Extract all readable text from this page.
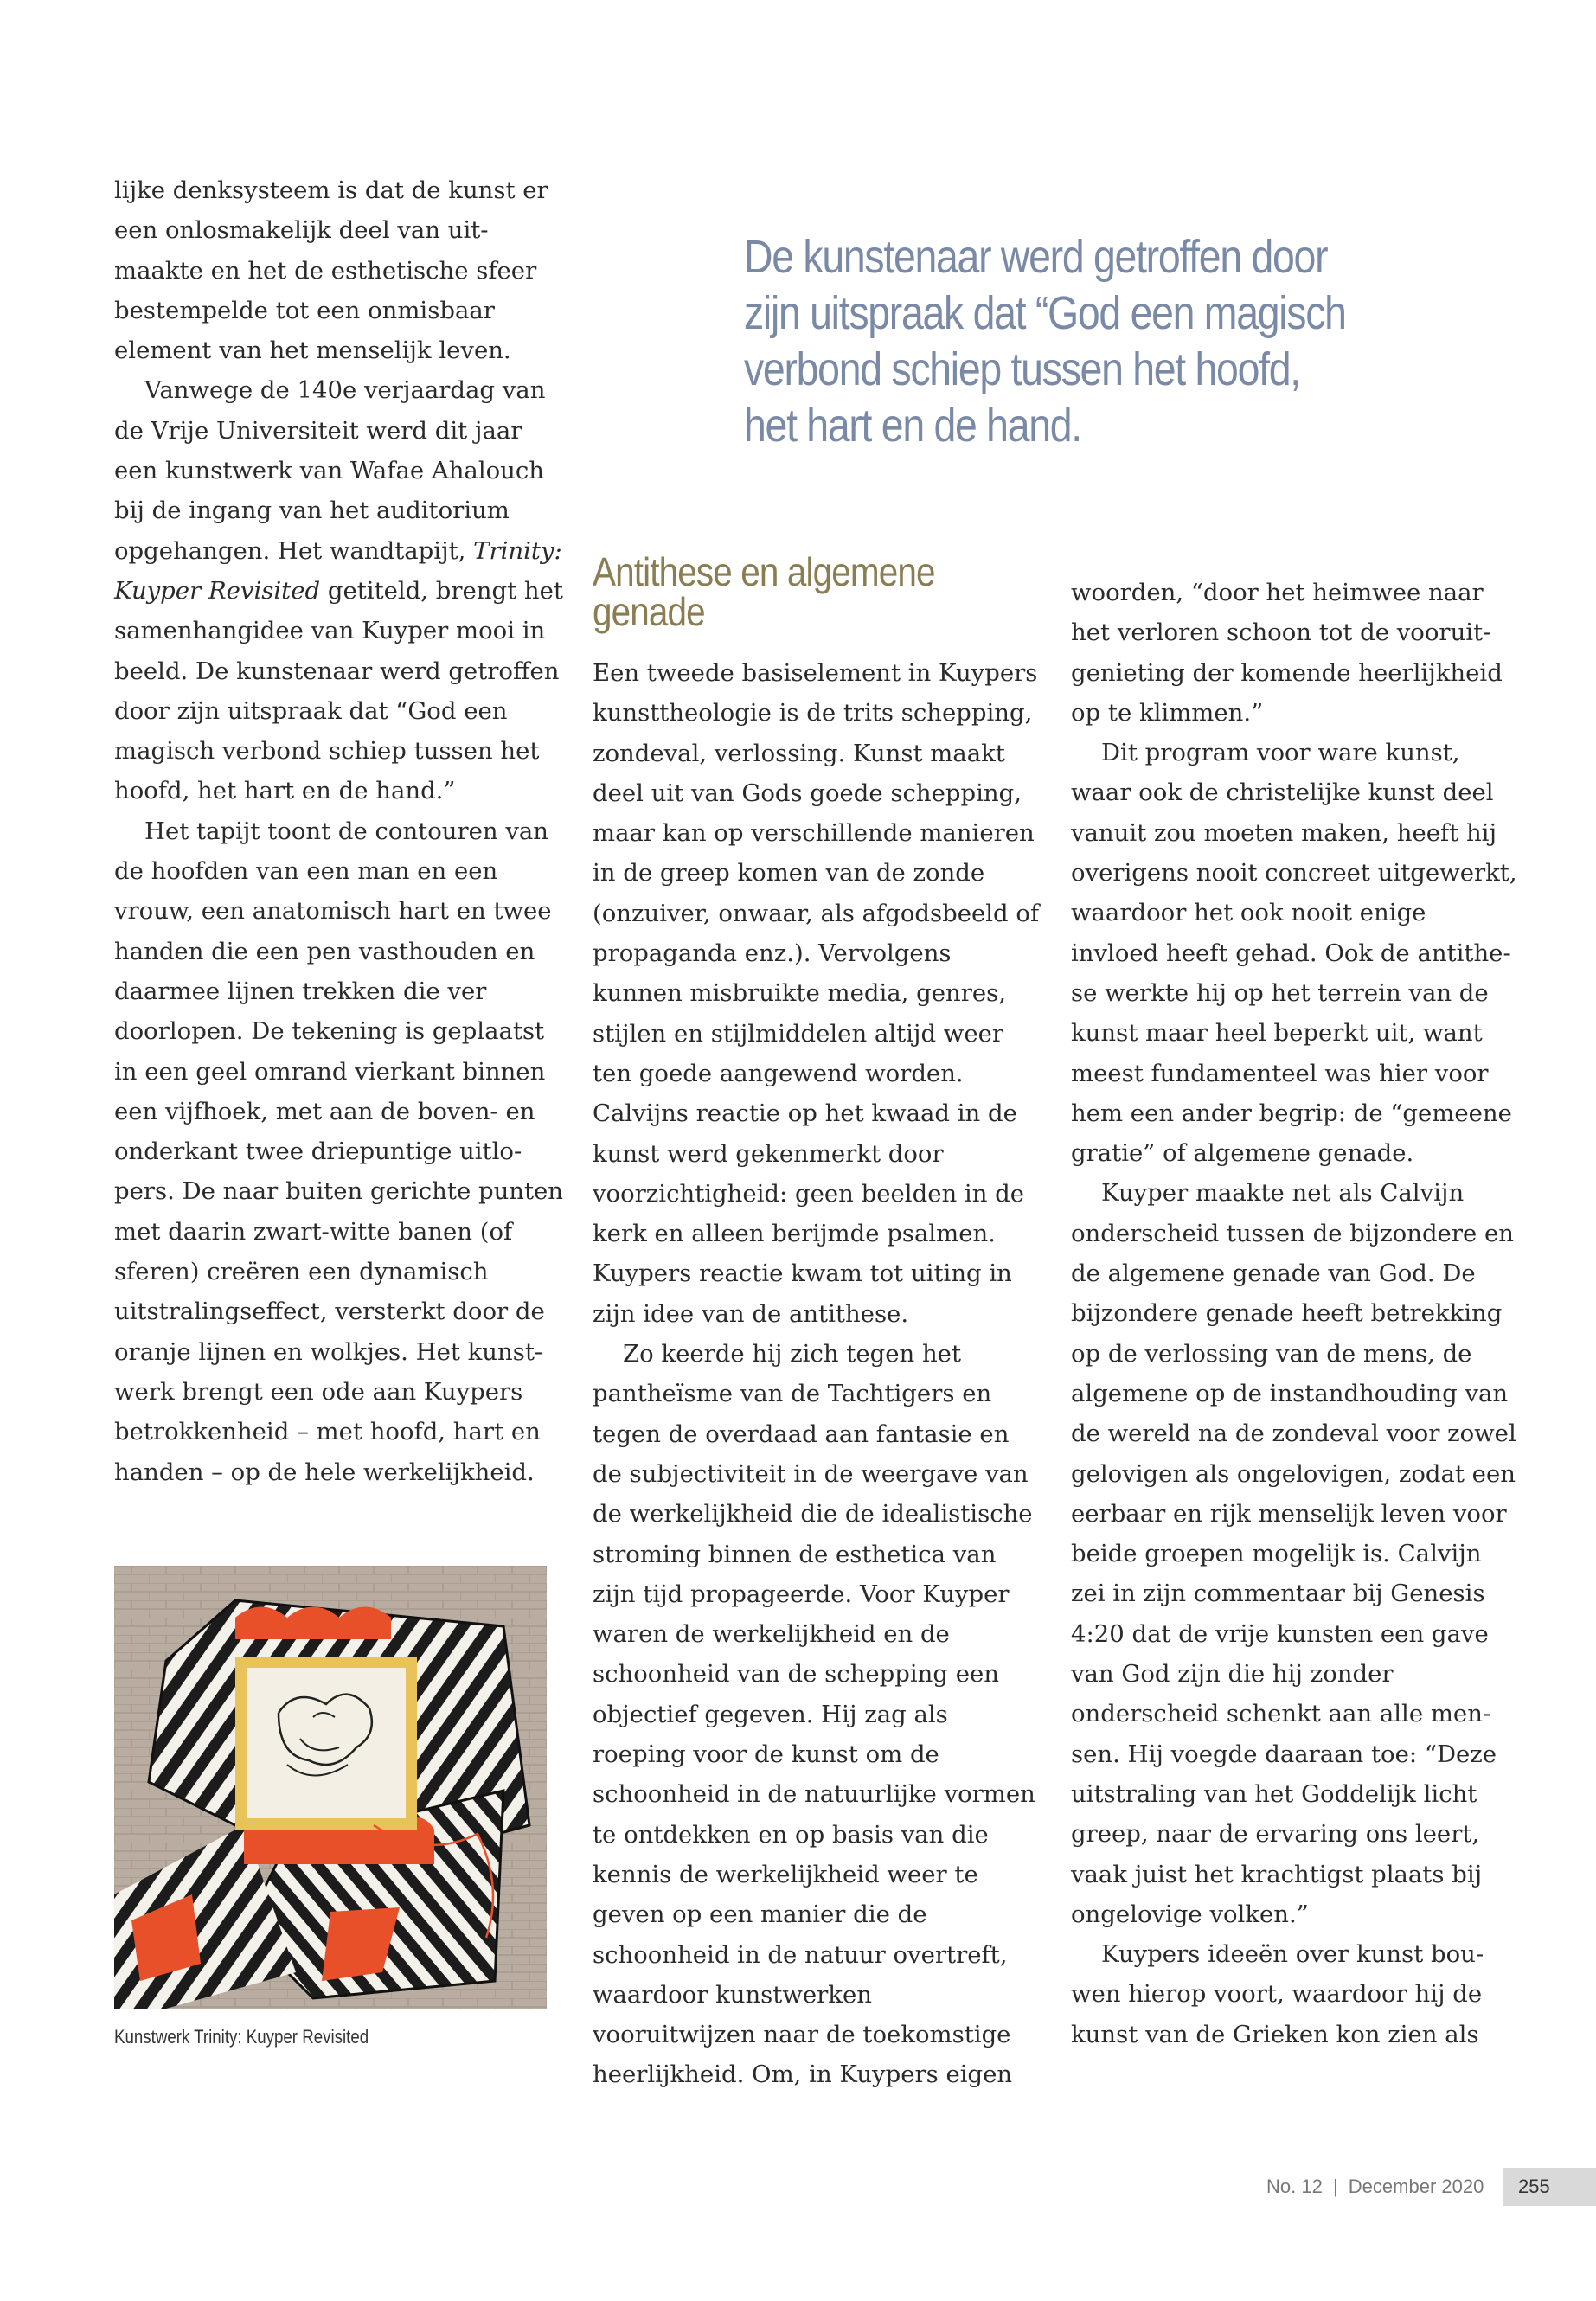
lijke denksysteem is dat de kunst er een onlosmakelijk deel van uitmaakte en het de esthetische sfeer bestempelde tot een onmisbaar element van het menselijk leven.

Vanwege de 140e verjaardag van de Vrije Universiteit werd dit jaar een kunstwerk van Wafae Ahalouch bij de ingang van het auditorium opgehangen. Het wandtapijt, Trinity: Kuyper Revisited getiteld, brengt het samenhangidee van Kuyper mooi in beeld. De kunstenaar werd getroffen door zijn uitspraak dat “God een magisch verbond schiep tussen het hoofd, het hart en de hand.”

Het tapijt toont de contouren van de hoofden van een man en een vrouw, een anatomisch hart en twee handen die een pen vasthouden en daarmee lijnen trekken die ver doorlopen. De tekening is geplaatst in een geel omrand vierkant binnen een vijfhoek, met aan de boven- en onderkant twee driepuntige uitlopers. De naar buiten gerichte punten met daarin zwart-witte banen (of sferen) creëren een dynamisch uitstralingseffect, versterkt door de oranje lijnen en wolkjes. Het kunstwerk brengt een ode aan Kuypers betrokkenheid – met hoofd, hart en handen – op de hele werkelijkheid.

De kunstenaar werd getroffen door zijn uitspraak dat “God een magisch verbond schiep tussen het hoofd, het hart en de hand.
Antithese en algemene genade

Een tweede basiselement in Kuypers kunsttheologie is de trits schepping, zondeval, verlossing. Kunst maakt deel uit van Gods goede schepping, maar kan op verschillende manieren in de greep komen van de zonde (onzuiver, onwaar, als afgodsbeeld of propaganda enz.). Vervolgens kunnen misbruikte media, genres, stijlen en stijlmiddelen altijd weer ten goede aangewend worden. Calvijns reactie op het kwaad in de kunst werd gekenmerkt door voorzichtigheid: geen beelden in de kerk en alleen berijmde psalmen. Kuypers reactie kwam tot uiting in zijn idee van de antithese.

Zo keerde hij zich tegen het pantheïsme van de Tachtigers en tegen de overdaad aan fantasie en de subjectiviteit in de weergave van de werkelijkheid die de idealistische stroming binnen de esthetica van zijn tijd propageerde. Voor Kuyper waren de werkelijkheid en de schoonheid van de schepping een objectief gegeven. Hij zag als roeping voor de kunst om de schoonheid in de natuurlijke vormen te ontdekken en op basis van die kennis de werkelijkheid weer te geven op een manier die de schoonheid in de natuur overtreft, waardoor kunstwerken vooruitwijzen naar de toekomstige heerlijkheid. Om, in Kuypers eigen

woorden, “door het heimwee naar het verloren schoon tot de vooruitgenieting der komende heerlijkheid op te klimmen.”

Dit program voor ware kunst, waar ook de christelijke kunst deel vanuit zou moeten maken, heeft hij overigens nooit concreet uitgewerkt, waardoor het ook nooit enige invloed heeft gehad. Ook de antithese werkte hij op het terrein van de kunst maar heel beperkt uit, want meest fundamenteel was hier voor hem een ander begrip: de “gemeene gratie” of algemene genade.

Kuyper maakte net als Calvijn onderscheid tussen de bijzondere en de algemene genade van God. De bijzondere genade heeft betrekking op de verlossing van de mens, de algemene op de instandhouding van de wereld na de zondeval voor zowel gelovigen als ongelovigen, zodat een eerbaar en rijk menselijk leven voor beide groepen mogelijk is. Calvijn zei in zijn commentaar bij Genesis 4:20 dat de vrije kunsten een gave van God zijn die hij zonder onderscheid schenkt aan alle mensen. Hij voegde daaraan toe: “Deze uitstraling van het Goddelijk licht greep, naar de ervaring ons leert, vaak juist het krachtigst plaats bij ongelovige volken.”

Kuypers ideeën over kunst bouwen hierop voort, waardoor hij de kunst van de Grieken kon zien als

Kunstwerk Trinity: Kuyper Revisited
No. 12 | December 2020	255
